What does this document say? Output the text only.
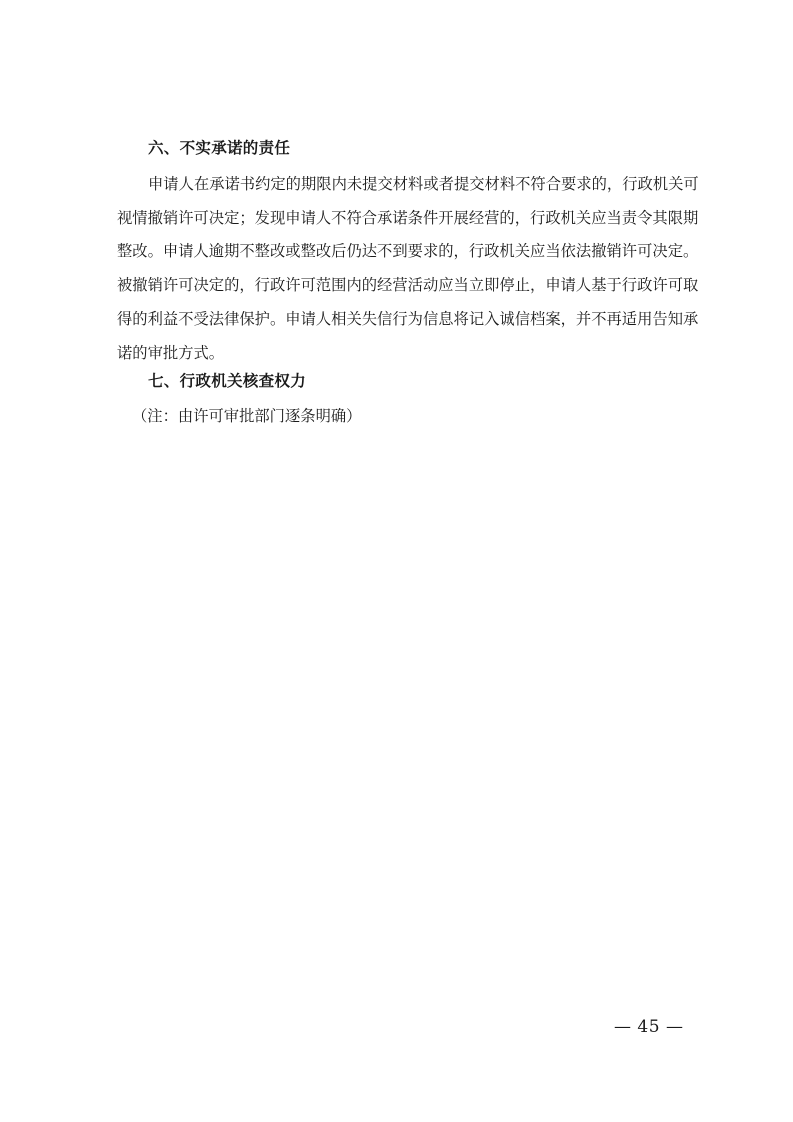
六、不实承诺的责任

申请人在承诺书约定的期限内未提交材料或者提交材料不符合要求的，行政机关可
视情撤销许可决定；发现申请人不符合承诺条件开展经营的，行政机关应当责令其限期
整改。申请人逾期不整改或整改后仍达不到要求的，行政机关应当依法撤销许可决定。
被撤销许可决定的，行政许可范围内的经营活动应当立即停止，申请人基于行政许可取
得的利益不受法律保护。申请人相关失信行为信息将记入诚信档案，并不再适用告知承
诺的审批方式。

七、行政机关核查权力
（注：由许可审批部门逐条明确）
— 45 —
